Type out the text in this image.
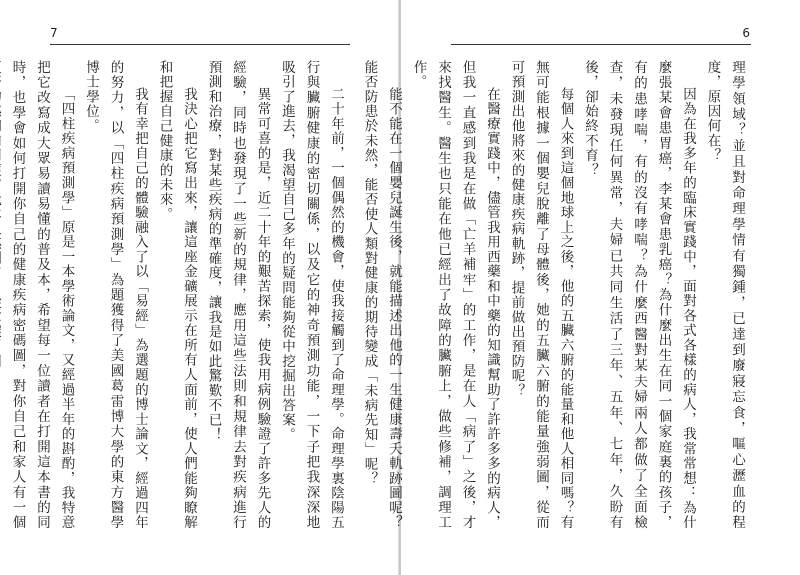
7

二十年前，一個偶然的機會，使我接觸到了命理學。命理學裏陰陽五行與臟腑健康的密切關係，以及它的神奇預測功能，一下子把我深深地吸引了進去，我渴望自己多年的疑問能夠從中挖掘出答案。

異常可喜的是，近二十年的艱苦探索，使我用病例驗證了許多先人的經驗，同時也發現了一些新的規律，應用這些法則和規律去對疾病進行預測和治療，對某些疾病的準確度，讓我是如此驚歎不已！

我決心把它寫出來，讓這座金礦展示在所有人面前，使人們能夠瞭解和把握自己健康的未來。

我有幸把自己的體驗融入了以「易經」為選題的博士論文，經過四年的努力，以「四柱疾病預測學」為題獲得了美國葛雷博大學的東方醫學博士學位。

「四柱疾病預測學」原是一本學術論文，又經過半年的斟酌，我特意把它改寫成大眾易讀易懂的普及本，希望每一位讀者在打開這本書的同時，也學會如何打開你自己的健康疾病密碼圖，對你自己和家人有一個

6

理學領域？並且對命理學情有獨鍾，已達到廢寢忘食，嘔心瀝血的程度，原因何在？

因為在我多年的臨床實踐中，面對各式各樣的病人，我常常想：為什麼張某會患胃癌，李某會患乳癌？為什麼出生在同一個家庭裏的孩子，有的患哮喘，有的沒有哮喘？為什麼西醫對某夫婦兩人都做了全面檢查，未發現任何異常，夫婦已共同生活了三年、五年、七年，久盼有後，卻始終不育？

每個人來到這個地球上之後，他的五臟六腑的能量和他人相同嗎？有無可能根據一個嬰兒脫離了母體後，她的五臟六腑的能量強弱圖，從而可預測出他將來的健康疾病軌跡，提前做出預防呢？

在醫療實踐中，儘管我用西藥和中藥的知識幫助了許許多多的病人，但我一直感到我是在做「亡羊補牢」的工作，是在人「病了」之後，才來找醫生。醫生也只能在他已經出了故障的臟腑上，做些修補，調理工作。

能不能在一個嬰兒誕生後，就能描述出他的一生健康壽夭軌跡圖呢？能否防患於未然，能否使人類對健康的期待變成「未病先知」呢？
